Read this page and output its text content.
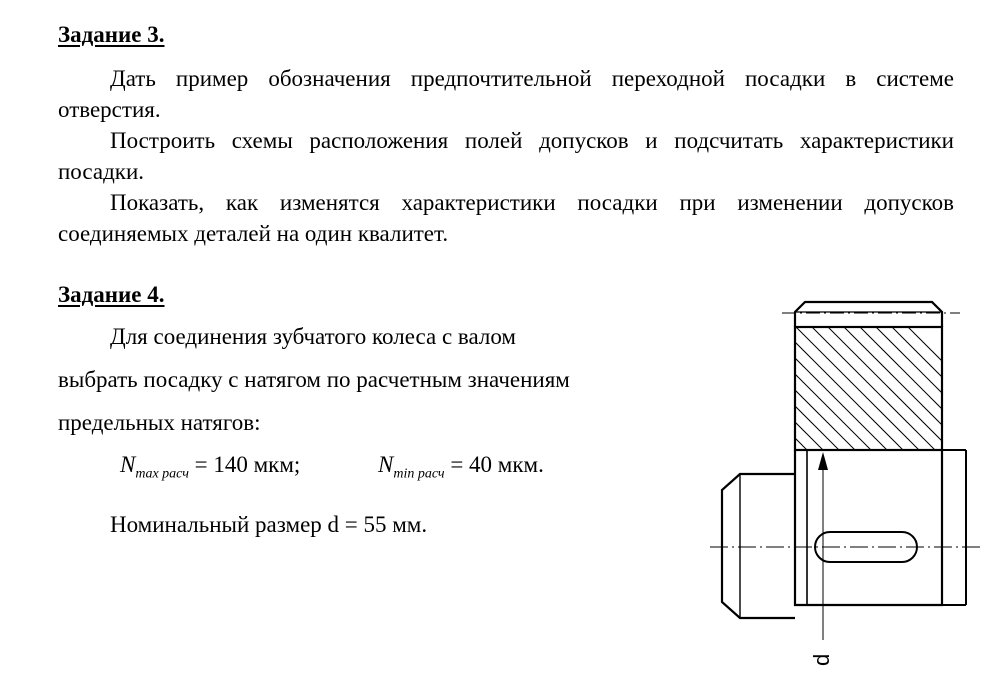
Задание 3.

Дать пример обозначения предпочтительной переходной посадки в системе отверстия.

Построить схемы расположения полей допусков и подсчитать характеристики посадки.

Показать, как изменятся характеристики посадки при изменении допусков соединяемых деталей на один квалитет.

Задание 4.
Для соединения зубчатого колеса с валом
выбрать посадку с натягом по расчетным значениям
предельных натягов:
$N_{max расч} = 140$ мкм;	$N_{min расч} = 40$ мкм.
Номинальный размер d = 55 мм.
d
